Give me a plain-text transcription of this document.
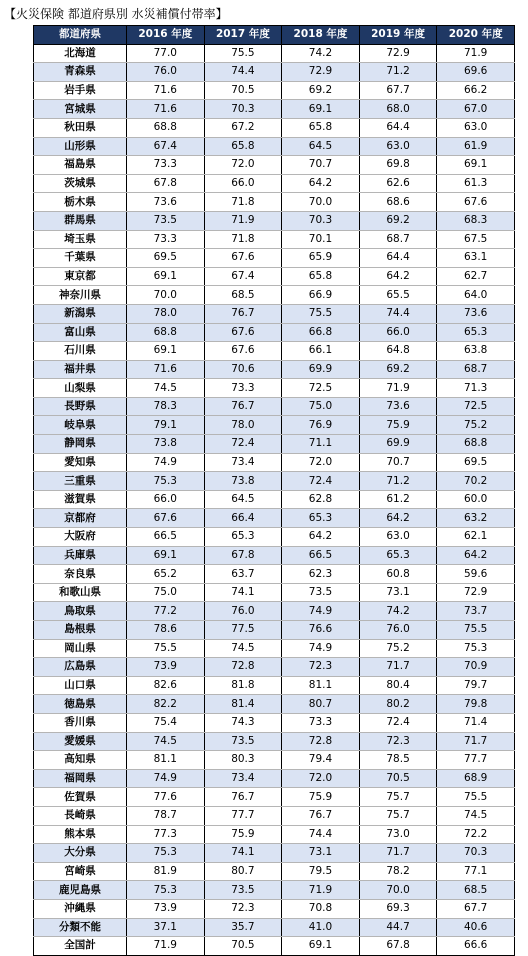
【火災保険 都道府県別 水災補償付帯率】
都道府県	2016 年度	2017 年度	2018 年度	2019 年度	2020 年度
北海道	77.0	75.5	74.2	72.9	71.9
青森県	76.0	74.4	72.9	71.2	69.6
岩手県	71.6	70.5	69.2	67.7	66.2
宮城県	71.6	70.3	69.1	68.0	67.0
秋田県	68.8	67.2	65.8	64.4	63.0
山形県	67.4	65.8	64.5	63.0	61.9
福島県	73.3	72.0	70.7	69.8	69.1
茨城県	67.8	66.0	64.2	62.6	61.3
栃木県	73.6	71.8	70.0	68.6	67.6
群馬県	73.5	71.9	70.3	69.2	68.3
埼玉県	73.3	71.8	70.1	68.7	67.5
千葉県	69.5	67.6	65.9	64.4	63.1
東京都	69.1	67.4	65.8	64.2	62.7
神奈川県	70.0	68.5	66.9	65.5	64.0
新潟県	78.0	76.7	75.5	74.4	73.6
富山県	68.8	67.6	66.8	66.0	65.3
石川県	69.1	67.6	66.1	64.8	63.8
福井県	71.6	70.6	69.9	69.2	68.7
山梨県	74.5	73.3	72.5	71.9	71.3
長野県	78.3	76.7	75.0	73.6	72.5
岐阜県	79.1	78.0	76.9	75.9	75.2
静岡県	73.8	72.4	71.1	69.9	68.8
愛知県	74.9	73.4	72.0	70.7	69.5
三重県	75.3	73.8	72.4	71.2	70.2
滋賀県	66.0	64.5	62.8	61.2	60.0
京都府	67.6	66.4	65.3	64.2	63.2
大阪府	66.5	65.3	64.2	63.0	62.1
兵庫県	69.1	67.8	66.5	65.3	64.2
奈良県	65.2	63.7	62.3	60.8	59.6
和歌山県	75.0	74.1	73.5	73.1	72.9
鳥取県	77.2	76.0	74.9	74.2	73.7
島根県	78.6	77.5	76.6	76.0	75.5
岡山県	75.5	74.5	74.9	75.2	75.3
広島県	73.9	72.8	72.3	71.7	70.9
山口県	82.6	81.8	81.1	80.4	79.7
徳島県	82.2	81.4	80.7	80.2	79.8
香川県	75.4	74.3	73.3	72.4	71.4
愛媛県	74.5	73.5	72.8	72.3	71.7
高知県	81.1	80.3	79.4	78.5	77.7
福岡県	74.9	73.4	72.0	70.5	68.9
佐賀県	77.6	76.7	75.9	75.7	75.5
長崎県	78.7	77.7	76.7	75.7	74.5
熊本県	77.3	75.9	74.4	73.0	72.2
大分県	75.3	74.1	73.1	71.7	70.3
宮崎県	81.9	80.7	79.5	78.2	77.1
鹿児島県	75.3	73.5	71.9	70.0	68.5
沖縄県	73.9	72.3	70.8	69.3	67.7
分類不能	37.1	35.7	41.0	44.7	40.6
全国計	71.9	70.5	69.1	67.8	66.6
